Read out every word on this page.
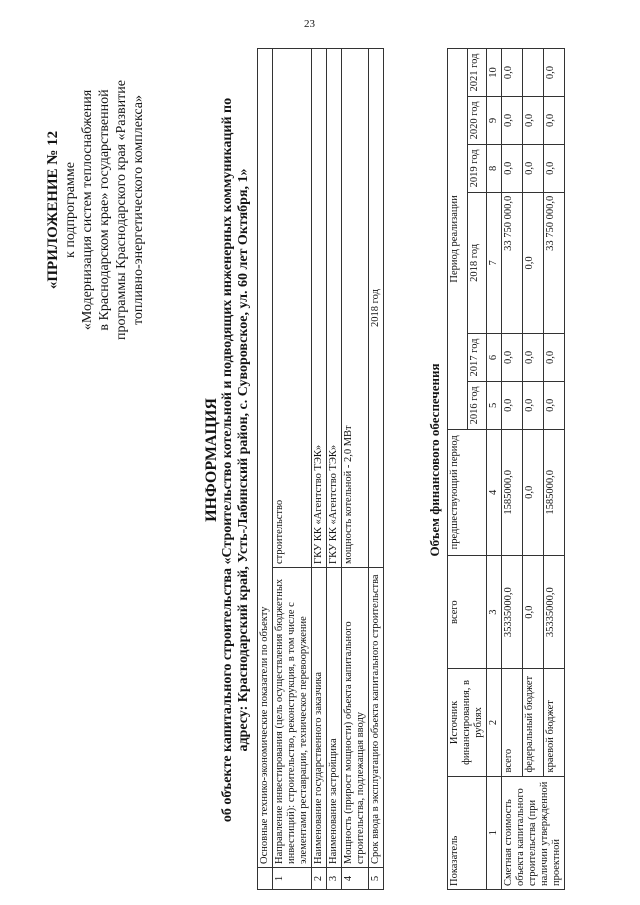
23
«ПРИЛОЖЕНИЕ № 12 к подпрограмме «Модернизация систем теплоснабжения в Краснодарском крае» государственной программы Краснодарского края «Развитие топливно-энергетического комплекса»
ИНФОРМАЦИЯ об объекте капитального строительства «Строительство котельной и подводящих инженерных коммуникаций по адресу: Краснодарский край, Усть-Лабинский район, с. Суворовское, ул. 60 лет Октября, 1»
	Основные технико-экономические показатели по объекту	
1	Направление инвестирования (цель осуществления бюджетных инвестиций): строительство, реконструкция, в том числе с элементами реставрации, техническое перевооружение	строительство
2	Наименование государственного заказчика	ГКУ КК «Агентство ТЭК»
3	Наименование застройщика	ГКУ КК «Агентство ТЭК»
4	Мощность (прирост мощности) объекта капитального строительства, подлежащая вводу	мощность котельной - 2,0 МВт
5	Срок ввода в эксплуатацию объекта капитального строительства	2018 год
Объем финансового обеспечения
Показатель	Источник финансирования, в рублях	всего	предшествующий период	Период реализации					
				2016 год	2017 год	2018 год	2019 год	2020 год	2021 год
1	2	3	4	5	6	7	8	9	10
Сметная стоимость объекта капитального строительства (при наличии утвержденной проектной	всего	35335000,0	1585000,0	0,0	0,0	33 750 000,0	0,0	0,0	0,0
	федеральный бюджет	0,0	0,0	0,0	0,0	0,0	0,0	0,0	
	краевой бюджет	35335000,0	1585000,0	0,0	0,0	33 750 000,0	0,0	0,0	0,0
